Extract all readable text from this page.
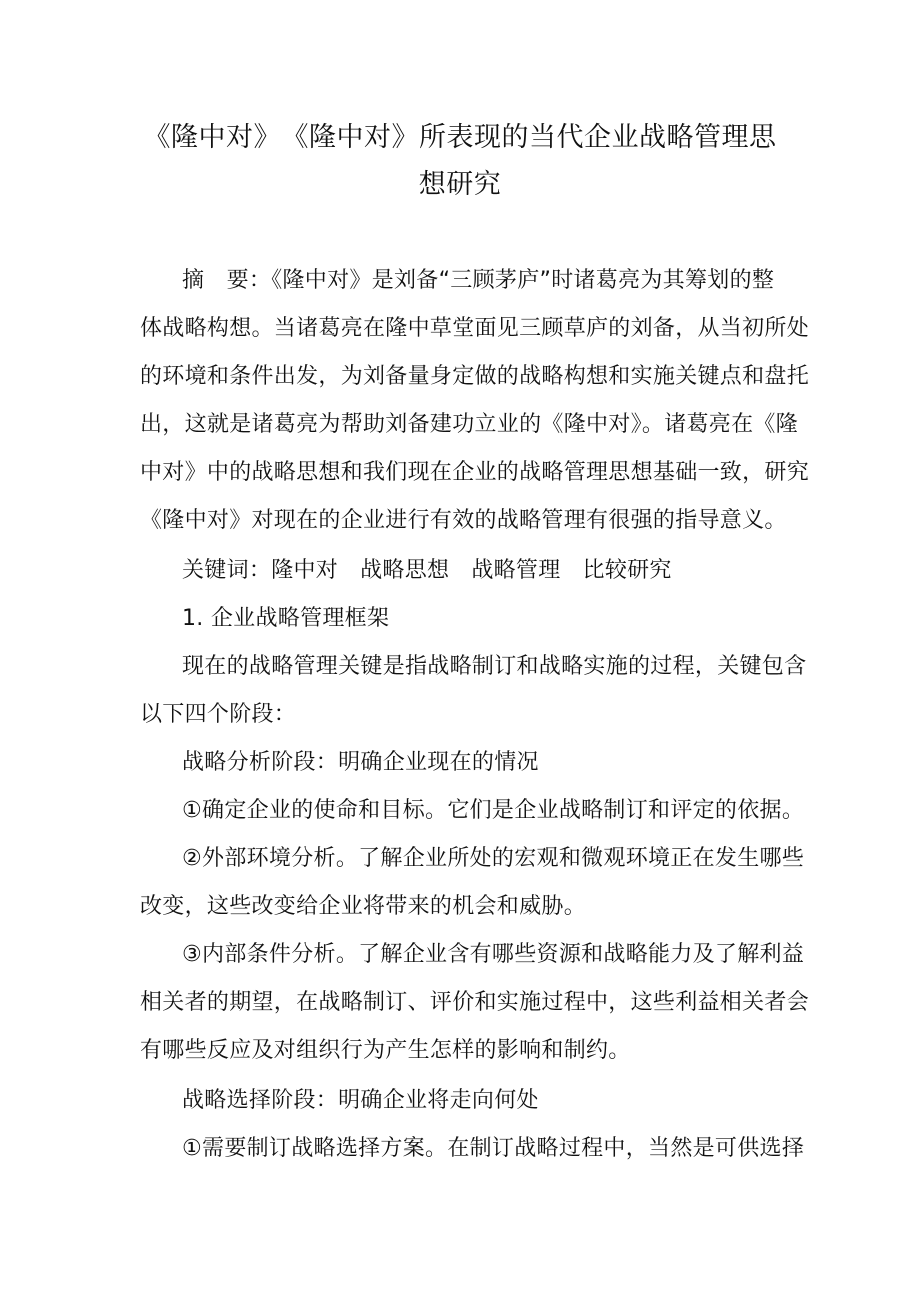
《隆中对》　《隆中对》所表现的当代企业战略管理思
想研究
摘　要：《隆中对》是刘备“三顾茅庐”时诸葛亮为其筹划的整
体战略构想。当诸葛亮在隆中草堂面见三顾草庐的刘备，从当初所处
的环境和条件出发，为刘备量身定做的战略构想和实施关键点和盘托
出，这就是诸葛亮为帮助刘备建功立业的《隆中对》。诸葛亮在《隆
中对》中的战略思想和我们现在企业的战略管理思想基础一致，研究
《隆中对》对现在的企业进行有效的战略管理有很强的指导意义。
关键词：隆中对 战略思想 战略管理 比较研究
1. 企业战略管理框架
现在的战略管理关键是指战略制订和战略实施的过程，关键包含
以下四个阶段：
战略分析阶段：明确企业现在的情况
①确定企业的使命和目标。它们是企业战略制订和评定的依据。
②外部环境分析。了解企业所处的宏观和微观环境正在发生哪些
改变，这些改变给企业将带来的机会和威胁。
③内部条件分析。了解企业含有哪些资源和战略能力及了解利益
相关者的期望，在战略制订、评价和实施过程中，这些利益相关者会
有哪些反应及对组织行为产生怎样的影响和制约。
战略选择阶段：明确企业将走向何处
①需要制订战略选择方案。在制订战略过程中，当然是可供选择
